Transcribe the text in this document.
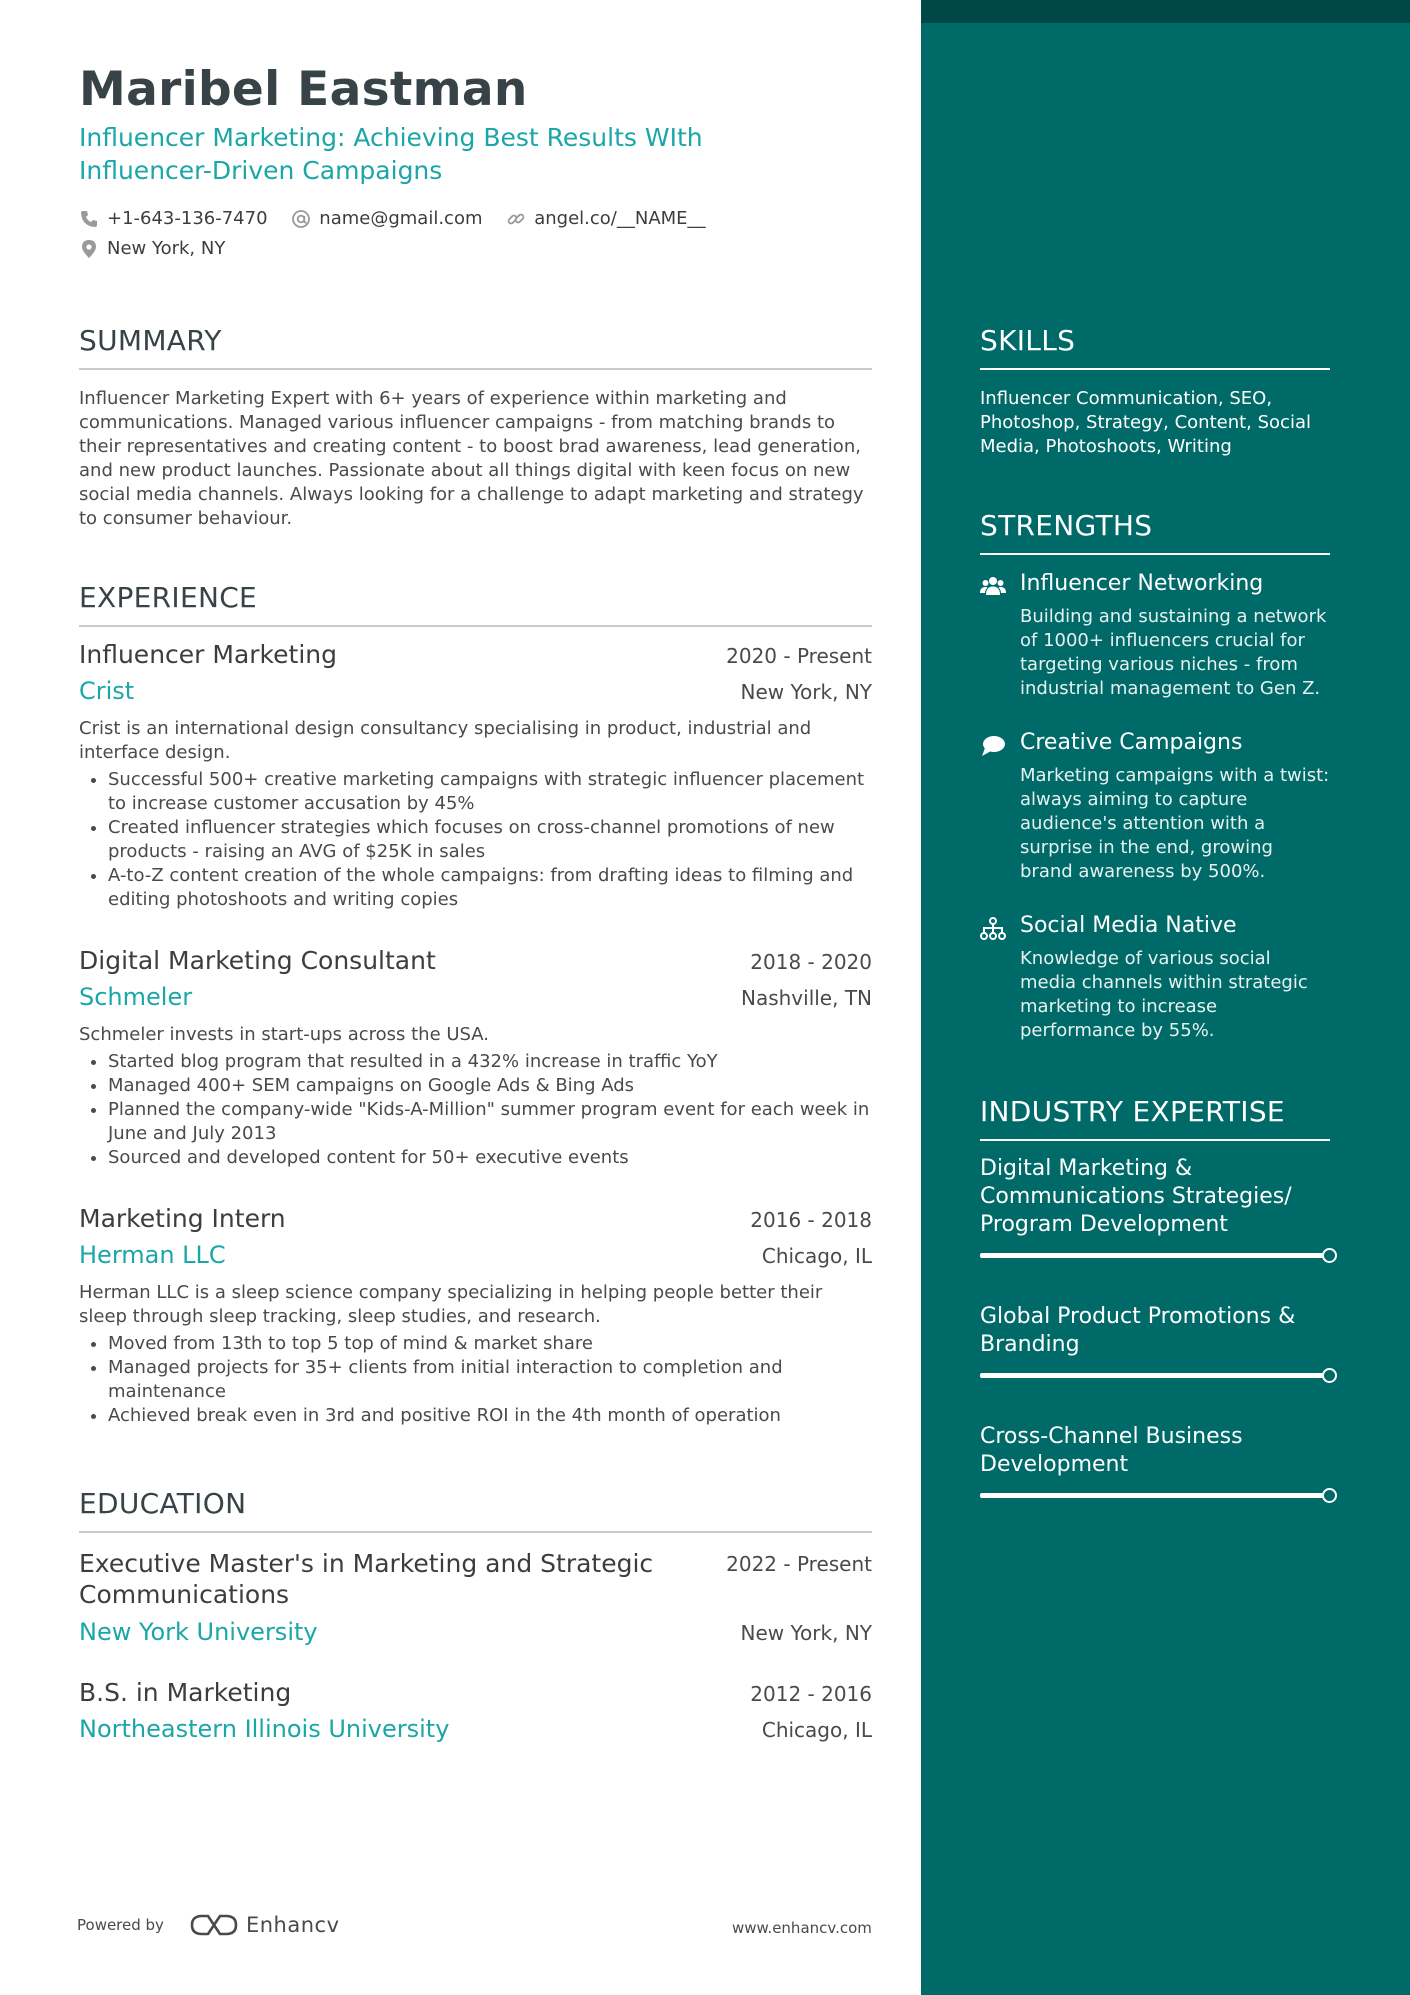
Maribel Eastman
Influencer Marketing: Achieving Best Results WIth Influencer-Driven Campaigns
+1-643-136-7470
	name@gmail.com
	angel.co/__NAME__

New York, NY
SUMMARY
Influencer Marketing Expert with 6+ years of experience within marketing and communications. Managed various influencer campaigns - from matching brands to their representatives and creating content - to boost brad awareness, lead generation, and new product launches. Passionate about all things digital with keen focus on new social media channels. Always looking for a challenge to adapt marketing and strategy to consumer behaviour.
EXPERIENCE
Influencer Marketing	2020 - Present
Crist	New York, NY
Crist is an international design consultancy specialising in product, industrial and interface design.
• Successful 500+ creative marketing campaigns with strategic influencer placement to increase customer accusation by 45%
• Created influencer strategies which focuses on cross-channel promotions of new products - raising an AVG of $25K in sales
• A-to-Z content creation of the whole campaigns: from drafting ideas to filming and editing photoshoots and writing copies
Digital Marketing Consultant	2018 - 2020
Schmeler	Nashville, TN
Schmeler invests in start-ups across the USA.
• Started blog program that resulted in a 432% increase in traffic YoY
• Managed 400+ SEM campaigns on Google Ads & Bing Ads
• Planned the company-wide "Kids-A-Million" summer program event for each week in June and July 2013
• Sourced and developed content for 50+ executive events
Marketing Intern	2016 - 2018
Herman LLC	Chicago, IL
Herman LLC is a sleep science company specializing in helping people better their sleep through sleep tracking, sleep studies, and research.
• Moved from 13th to top 5 top of mind & market share
• Managed projects for 35+ clients from initial interaction to completion and maintenance
• Achieved break even in 3rd and positive ROI in the 4th month of operation
EDUCATION
Executive Master's in Marketing and Strategic Communications
2022 - Present
New York University	New York, NY
B.S. in Marketing	2012 - 2016
Northeastern Illinois University	Chicago, IL
SKILLS
Influencer Communication, SEO, Photoshop, Strategy, Content, Social Media, Photoshoots, Writing
STRENGTHS
Influencer Networking
Building and sustaining a network of 1000+ influencers crucial for targeting various niches - from industrial management to Gen Z.
Creative Campaigns
Marketing campaigns with a twist: always aiming to capture audience's attention with a surprise in the end, growing brand awareness by 500%.
Social Media Native
Knowledge of various social media channels within strategic marketing to increase performance by 55%.
INDUSTRY EXPERTISE
Digital Marketing & Communications Strategies/ Program Development
Global Product Promotions & Branding
Cross-Channel Business Development
Powered by	Enhancv	www.enhancv.com
